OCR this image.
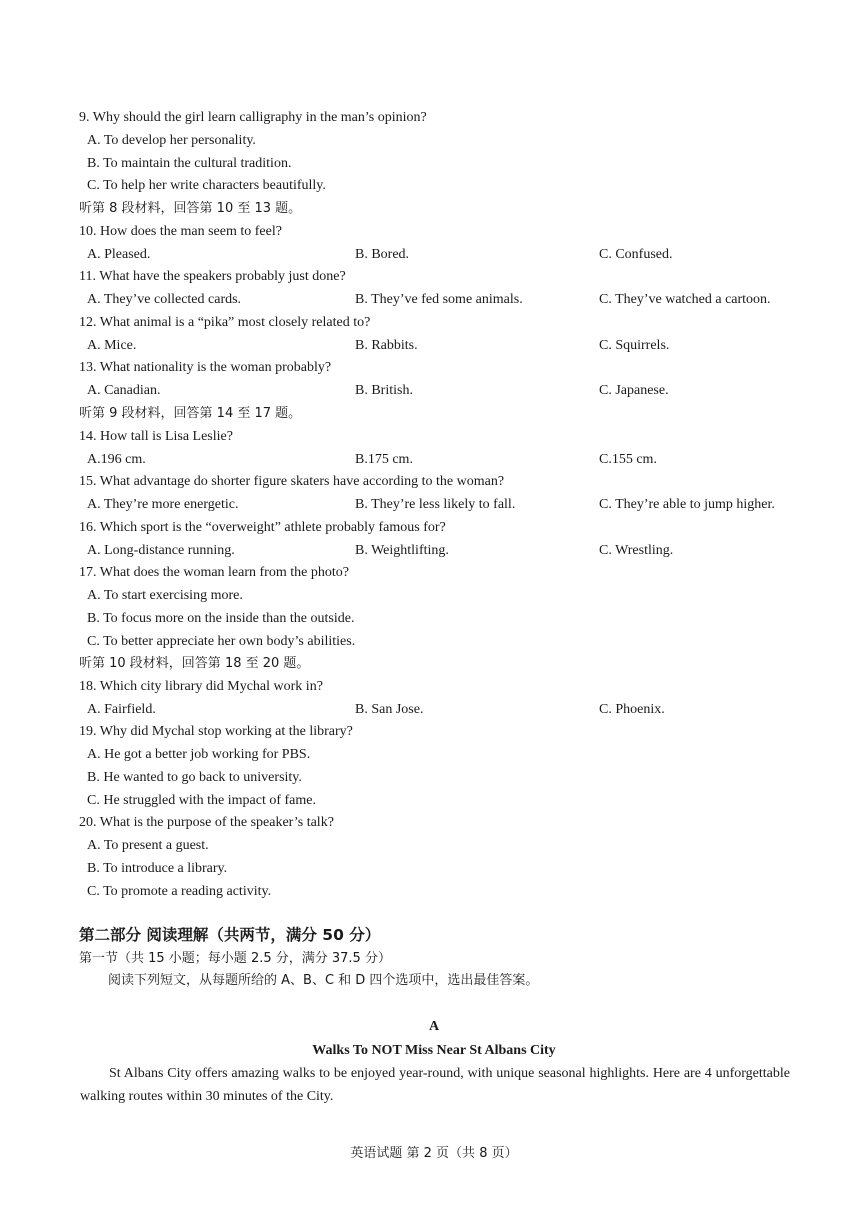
9. Why should the girl learn calligraphy in the man’s opinion?
A. To develop her personality.
B. To maintain the cultural tradition.
C. To help her write characters beautifully.
听第 8 段材料，回答第 10 至 13 题。
10. How does the man seem to feel?
A. Pleased.	B. Bored.	C. Confused.
11. What have the speakers probably just done?
A. They’ve collected cards.	B. They’ve fed some animals.	C. They’ve watched a cartoon.
12. What animal is a “pika” most closely related to?
A. Mice.	B. Rabbits.	C. Squirrels.
13. What nationality is the woman probably?
A. Canadian.	B. British.	C. Japanese.
听第 9 段材料，回答第 14 至 17 题。
14. How tall is Lisa Leslie?
A.196 cm.	B.175 cm.	C.155 cm.
15. What advantage do shorter figure skaters have according to the woman?
A. They’re more energetic.	B. They’re less likely to fall.	C. They’re able to jump higher.
16. Which sport is the “overweight” athlete probably famous for?
A. Long-distance running.	B. Weightlifting.	C. Wrestling.
17. What does the woman learn from the photo?
A. To start exercising more.
B. To focus more on the inside than the outside.
C. To better appreciate her own body’s abilities.
听第 10 段材料，回答第 18 至 20 题。
18. Which city library did Mychal work in?
A. Fairfield.	B. San Jose.	C. Phoenix.
19. Why did Mychal stop working at the library?
A. He got a better job working for PBS.
B. He wanted to go back to university.
C. He struggled with the impact of fame.
20. What is the purpose of the speaker’s talk?
A. To present a guest.
B. To introduce a library.
C. To promote a reading activity.
第二部分 阅读理解（共两节，满分 50 分）
第一节（共 15 小题；每小题 2.5 分，满分 37.5 分）
阅读下列短文，从每题所给的 A、B、C 和 D 四个选项中，选出最佳答案。
A
Walks To NOT Miss Near St Albans City
St Albans City offers amazing walks to be enjoyed year-round, with unique seasonal highlights. Here are 4 unforgettable walking routes within 30 minutes of the City.
英语试题 第 2 页（共 8 页）
